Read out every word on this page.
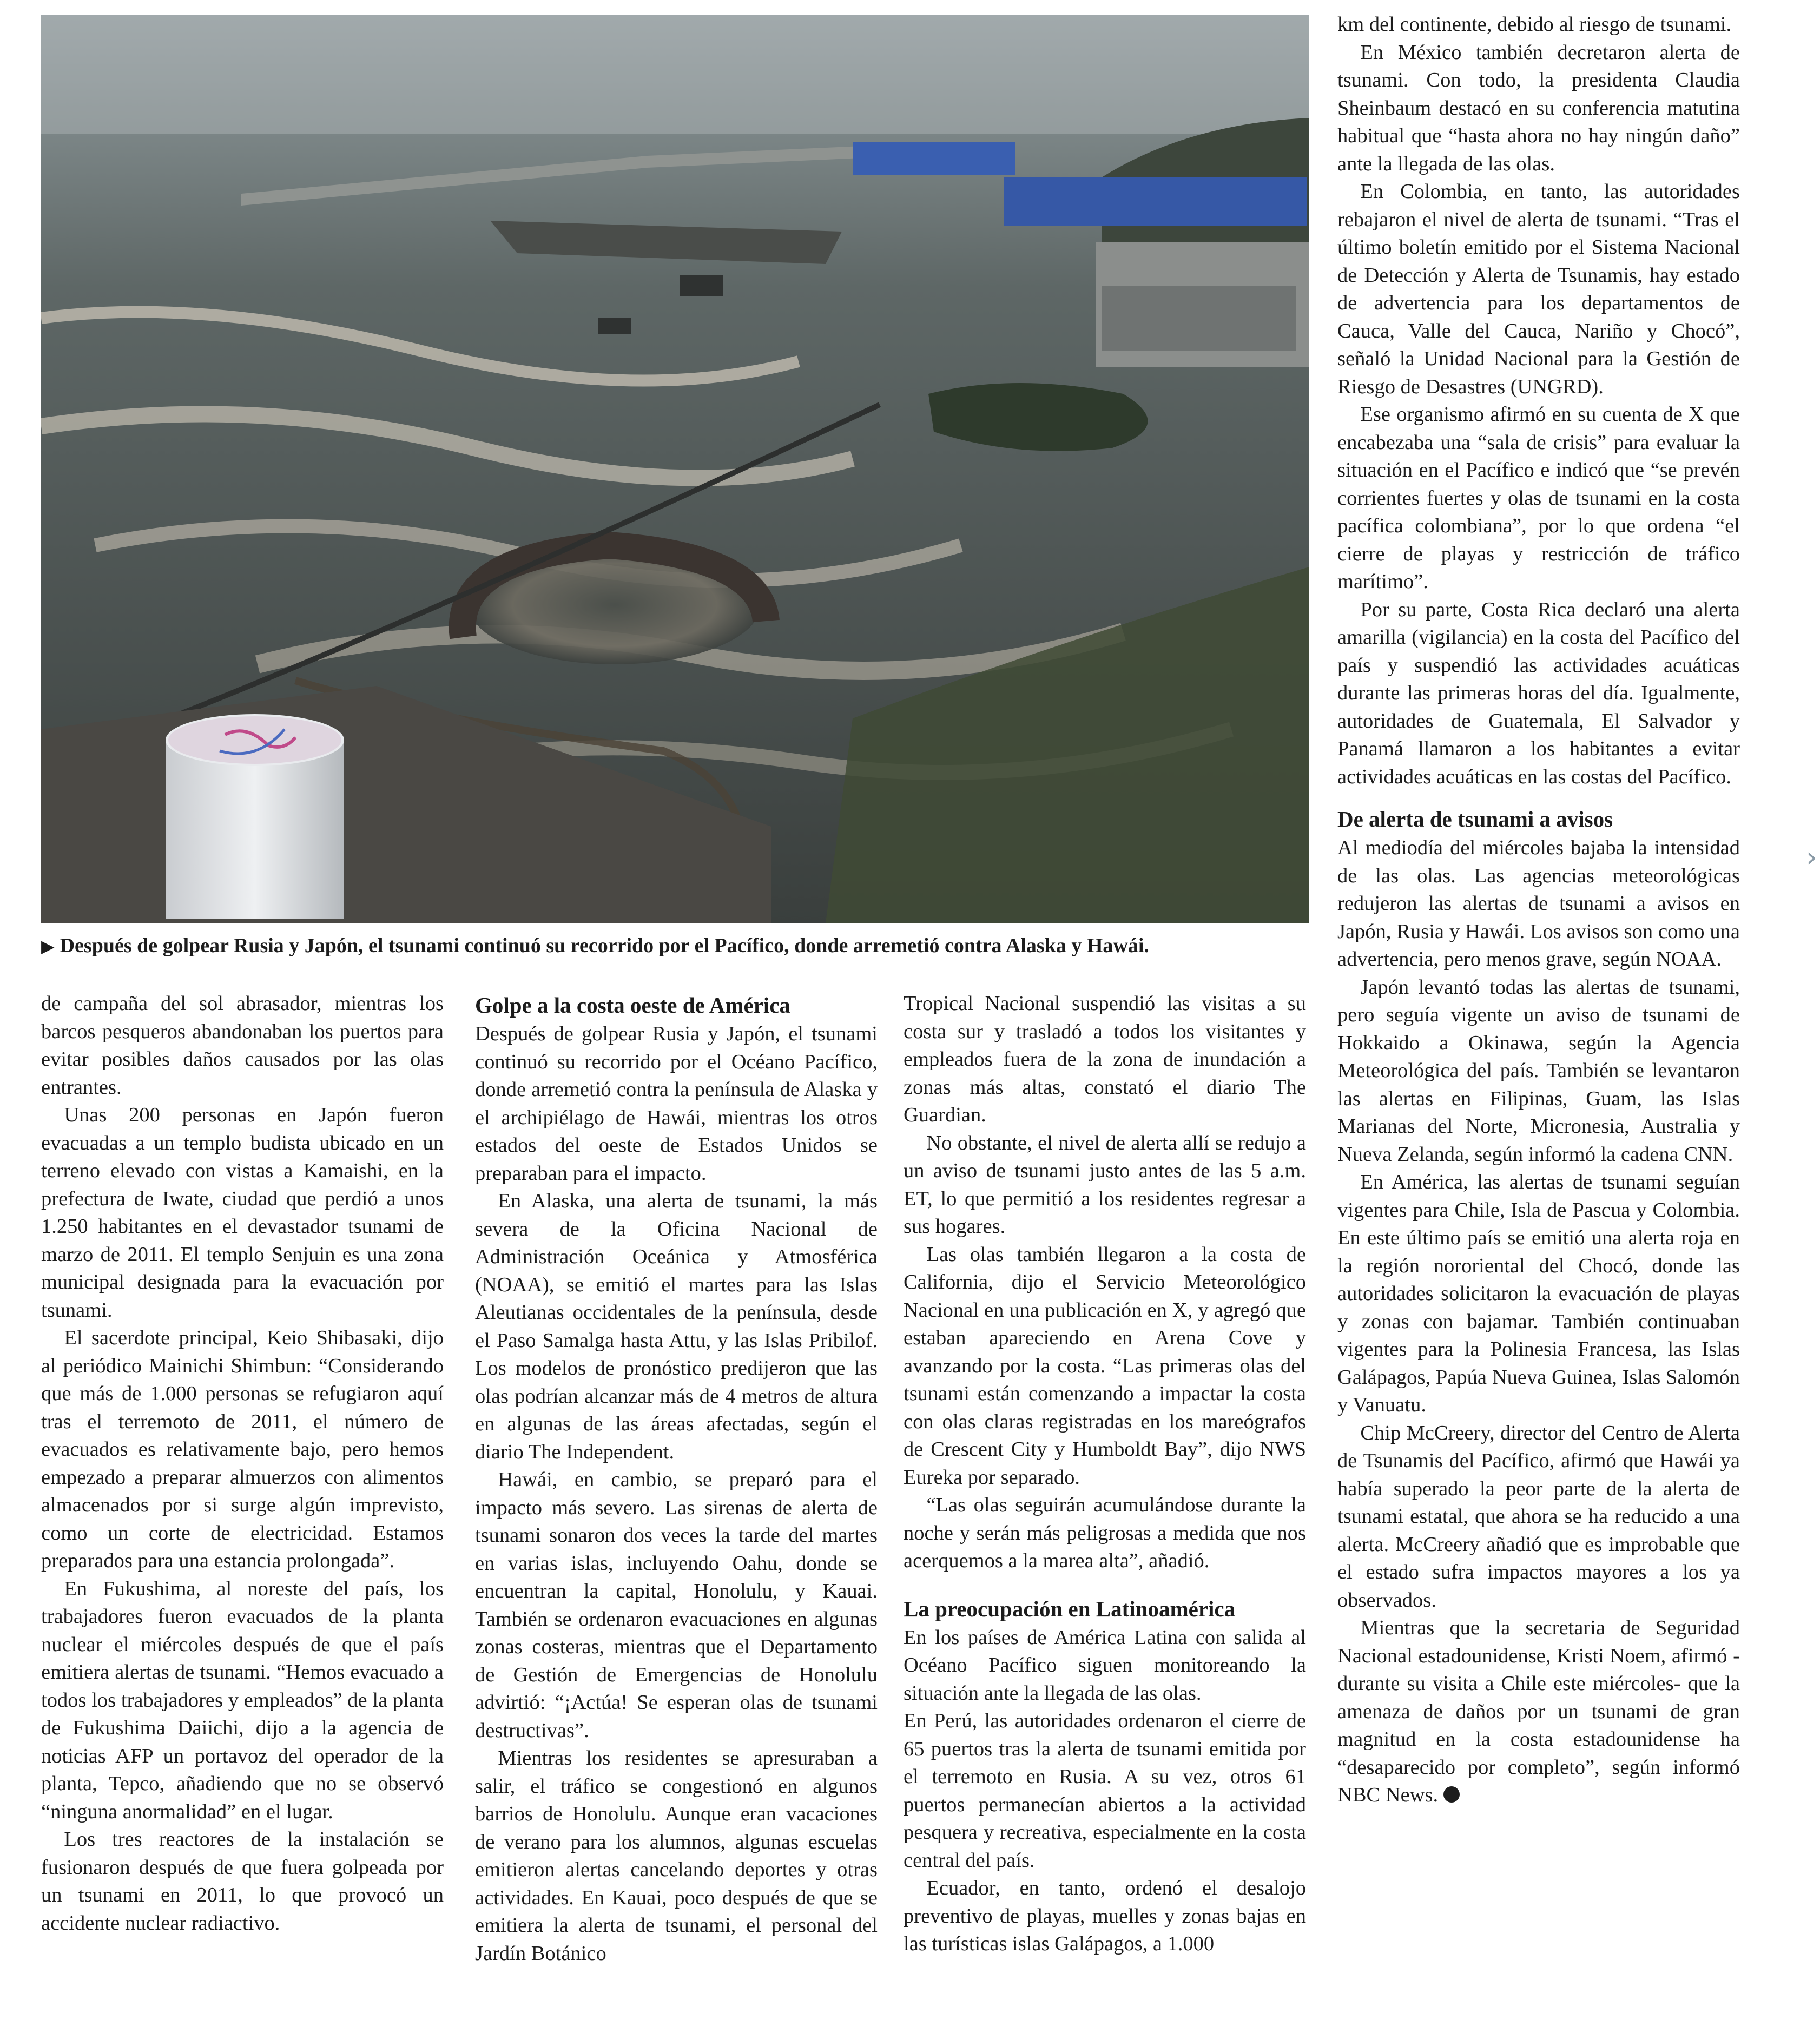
▶ Después de golpear Rusia y Japón, el tsunami continuó su recorrido por el Pacífico, donde arremetió contra Alaska y Hawái.

de campaña del sol abrasador, mientras los barcos pesqueros abandonaban los puertos para evitar posibles daños causados por las olas entrantes.

Unas 200 personas en Japón fueron evacuadas a un templo budista ubicado en un terreno elevado con vistas a Kamaishi, en la prefectura de Iwate, ciudad que perdió a unos 1.250 habitantes en el devastador tsunami de marzo de 2011. El templo Senjuin es una zona municipal designada para la evacuación por tsunami.

El sacerdote principal, Keio Shibasaki, dijo al periódico Mainichi Shimbun: “Considerando que más de 1.000 personas se refugiaron aquí tras el terremoto de 2011, el número de evacuados es relativamente bajo, pero hemos empezado a preparar almuerzos con alimentos almacenados por si surge algún imprevisto, como un corte de electricidad. Estamos preparados para una estancia prolongada”.

En Fukushima, al noreste del país, los trabajadores fueron evacuados de la planta nuclear el miércoles después de que el país emitiera alertas de tsunami. “Hemos evacuado a todos los trabajadores y empleados” de la planta de Fukushima Daiichi, dijo a la agencia de noticias AFP un portavoz del operador de la planta, Tepco, añadiendo que no se observó “ninguna anormalidad” en el lugar.

Los tres reactores de la instalación se fusionaron después de que fuera golpeada por un tsunami en 2011, lo que provocó un accidente nuclear radiactivo.

Golpe a la costa oeste de América

Después de golpear Rusia y Japón, el tsunami continuó su recorrido por el Océano Pacífico, donde arremetió contra la península de Alaska y el archipiélago de Hawái, mientras los otros estados del oeste de Estados Unidos se preparaban para el impacto.

En Alaska, una alerta de tsunami, la más severa de la Oficina Nacional de Administración Oceánica y Atmosférica (NOAA), se emitió el martes para las Islas Aleutianas occidentales de la península, desde el Paso Samalga hasta Attu, y las Islas Pribilof. Los modelos de pronóstico predijeron que las olas podrían alcanzar más de 4 metros de altura en algunas de las áreas afectadas, según el diario The Independent.

Hawái, en cambio, se preparó para el impacto más severo. Las sirenas de alerta de tsunami sonaron dos veces la tarde del martes en varias islas, incluyendo Oahu, donde se encuentran la capital, Honolulu, y Kauai. También se ordenaron evacuaciones en algunas zonas costeras, mientras que el Departamento de Gestión de Emergencias de Honolulu advirtió: “¡Actúa! Se esperan olas de tsunami destructivas”.

Mientras los residentes se apresuraban a salir, el tráfico se congestionó en algunos barrios de Honolulu. Aunque eran vacaciones de verano para los alumnos, algunas escuelas emitieron alertas cancelando deportes y otras actividades. En Kauai, poco después de que se emitiera la alerta de tsunami, el personal del Jardín Botánico

Tropical Nacional suspendió las visitas a su costa sur y trasladó a todos los visitantes y empleados fuera de la zona de inundación a zonas más altas, constató el diario The Guardian.

No obstante, el nivel de alerta allí se redujo a un aviso de tsunami justo antes de las 5 a.m. ET, lo que permitió a los residentes regresar a sus hogares.

Las olas también llegaron a la costa de California, dijo el Servicio Meteorológico Nacional en una publicación en X, y agregó que estaban apareciendo en Arena Cove y avanzando por la costa. “Las primeras olas del tsunami están comenzando a impactar la costa con olas claras registradas en los mareógrafos de Crescent City y Humboldt Bay”, dijo NWS Eureka por separado.

“Las olas seguirán acumulándose durante la noche y serán más peligrosas a medida que nos acerquemos a la marea alta”, añadió.

La preocupación en Latinoamérica

En los países de América Latina con salida al Océano Pacífico siguen monitoreando la situación ante la llegada de las olas.

En Perú, las autoridades ordenaron el cierre de 65 puertos tras la alerta de tsunami emitida por el terremoto en Rusia. A su vez, otros 61 puertos permanecían abiertos a la actividad pesquera y recreativa, especialmente en la costa central del país.

Ecuador, en tanto, ordenó el desalojo preventivo de playas, muelles y zonas bajas en las turísticas islas Galápagos, a 1.000

km del continente, debido al riesgo de tsunami.

En México también decretaron alerta de tsunami. Con todo, la presidenta Claudia Sheinbaum destacó en su conferencia matutina habitual que “hasta ahora no hay ningún daño” ante la llegada de las olas.

En Colombia, en tanto, las autoridades rebajaron el nivel de alerta de tsunami. “Tras el último boletín emitido por el Sistema Nacional de Detección y Alerta de Tsunamis, hay estado de advertencia para los departamentos de Cauca, Valle del Cauca, Nariño y Chocó”, señaló la Unidad Nacional para la Gestión de Riesgo de Desastres (UNGRD).

Ese organismo afirmó en su cuenta de X que encabezaba una “sala de crisis” para evaluar la situación en el Pacífico e indicó que “se prevén corrientes fuertes y olas de tsunami en la costa pacífica colombiana”, por lo que ordena “el cierre de playas y restricción de tráfico marítimo”.

Por su parte, Costa Rica declaró una alerta amarilla (vigilancia) en la costa del Pacífico del país y suspendió las actividades acuáticas durante las primeras horas del día. Igualmente, autoridades de Guatemala, El Salvador y Panamá llamaron a los habitantes a evitar actividades acuáticas en las costas del Pacífico.

De alerta de tsunami a avisos

Al mediodía del miércoles bajaba la intensidad de las olas. Las agencias meteorológicas redujeron las alertas de tsunami a avisos en Japón, Rusia y Hawái. Los avisos son como una advertencia, pero menos grave, según NOAA.

Japón levantó todas las alertas de tsunami, pero seguía vigente un aviso de tsunami de Hokkaido a Okinawa, según la Agencia Meteorológica del país. También se levantaron las alertas en Filipinas, Guam, las Islas Marianas del Norte, Micronesia, Australia y Nueva Zelanda, según informó la cadena CNN.

En América, las alertas de tsunami seguían vigentes para Chile, Isla de Pascua y Colombia. En este último país se emitió una alerta roja en la región nororiental del Chocó, donde las autoridades solicitaron la evacuación de playas y zonas con bajamar. También continuaban vigentes para la Polinesia Francesa, las Islas Galápagos, Papúa Nueva Guinea, Islas Salomón y Vanuatu.

Chip McCreery, director del Centro de Alerta de Tsunamis del Pacífico, afirmó que Hawái ya había superado la peor parte de la alerta de tsunami estatal, que ahora se ha reducido a una alerta. McCreery añadió que es improbable que el estado sufra impactos mayores a los ya observados.

Mientras que la secretaria de Seguridad Nacional estadounidense, Kristi Noem, afirmó -durante su visita a Chile este miércoles- que la amenaza de daños por un tsunami de gran magnitud en la costa estadounidense ha “desaparecido por completo”, según informó NBC News.

›
